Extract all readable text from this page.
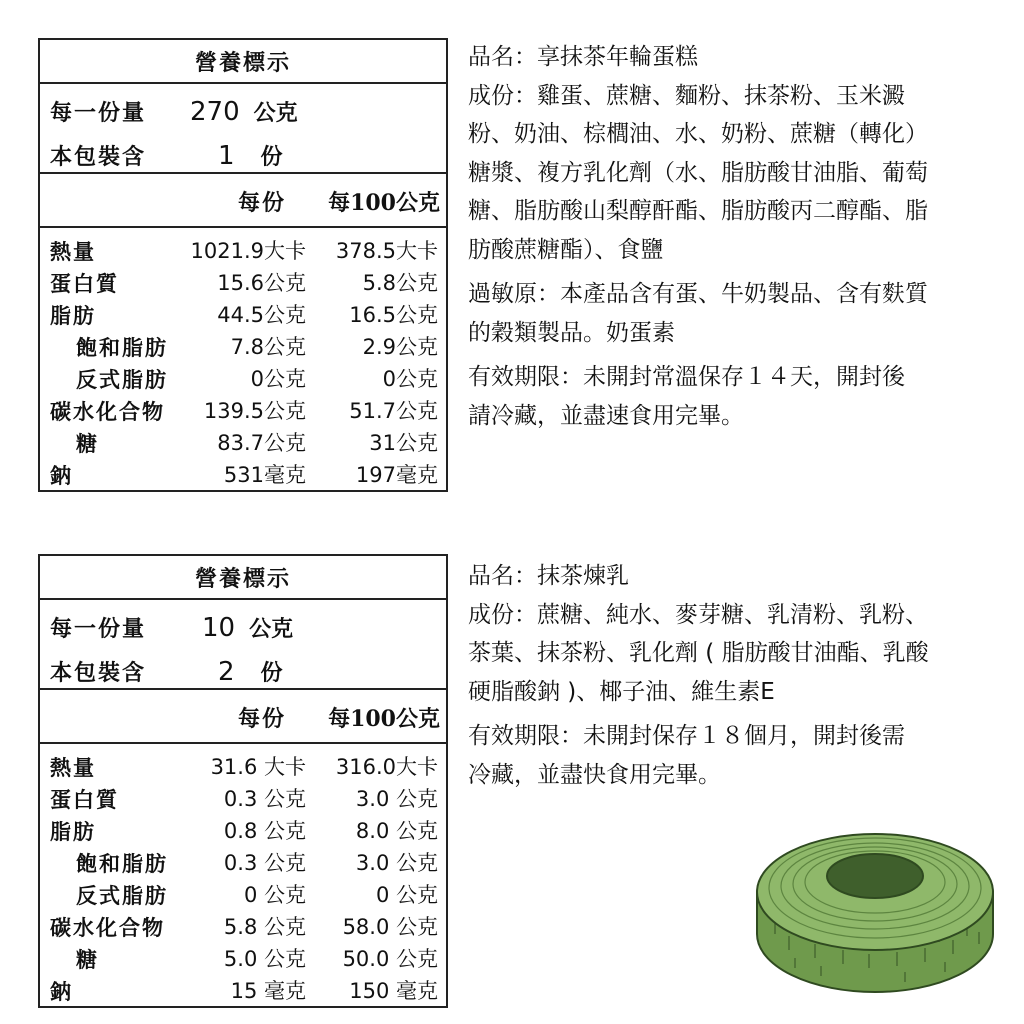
營養標示
每一份量	270 公克
本包裝含	1 份
每份 每100公克
熱量	1021.9大卡 378.5大卡
蛋白質	15.6公克	5.8公克
脂肪	44.5公克 16.5公克
飽和脂肪	7.8公克	2.9公克
反式脂肪	0公克	0公克
碳水化合物 139.5公克 51.7公克
糖	83.7公克	31公克
鈉	531毫克 197毫克

品名：享抹茶年輪蛋糕

成份：雞蛋、蔗糖、麵粉、抹茶粉、玉米澱

粉、奶油、棕櫚油、水、奶粉、蔗糖（轉化）

糖漿、複方乳化劑（水、脂肪酸甘油脂、葡萄

糖、脂肪酸山梨醇酐酯、脂肪酸丙二醇酯、脂

肪酸蔗糖酯）、食鹽

過敏原：本產品含有蛋、牛奶製品、含有麩質

的穀類製品。奶蛋素

有效期限：未開封常溫保存１４天，開封後

請冷藏，並盡速食用完畢。

營養標示
每一份量	10 公克
本包裝含	2 份
每份 每100公克
熱量	31.6 大卡 316.0大卡
蛋白質	0.3 公克 3.0 公克
脂肪	0.8 公克 8.0 公克
飽和脂肪	0.3 公克 3.0 公克
反式脂肪	0 公克	0 公克
碳水化合物	5.8 公克 58.0 公克
糖	5.0 公克 50.0 公克
鈉	15 毫克 150 毫克

品名：抹茶煉乳

成份：蔗糖、純水、麥芽糖、乳清粉、乳粉、

茶葉、抹茶粉、乳化劑 ( 脂肪酸甘油酯、乳酸

硬脂酸鈉 )、椰子油、維生素E

有效期限：未開封保存１８個月，開封後需

冷藏，並盡快食用完畢。
